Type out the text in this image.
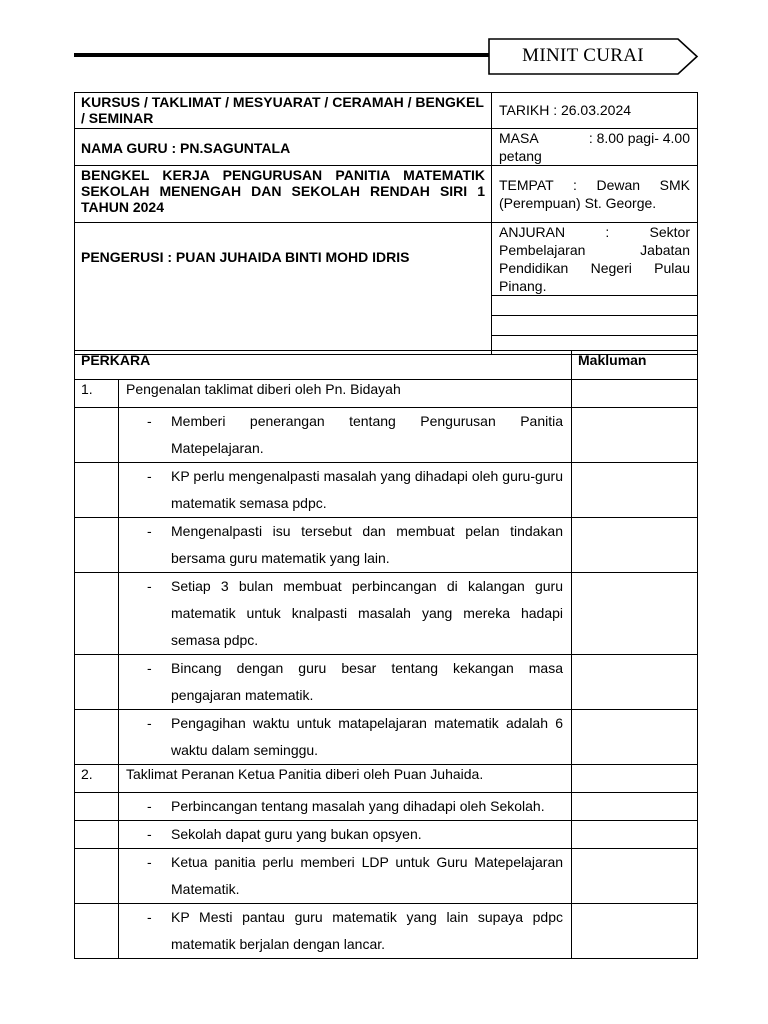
MINIT CURAI
KURSUS / TAKLIMAT / MESYUARAT / CERAMAH / BENGKEL / SEMINAR	TARIKH : 26.03.2024
NAMA GURU : PN.SAGUNTALA	MASA : 8.00 pagi- 4.00
petang

BENGKEL KERJA PENGURUSAN PANITIA MATEMATIK SEKOLAH MENENGAH DAN SEKOLAH RENDAH SIRI 1 TAHUN 2024	TEMPAT : Dewan SMK (Perempuan) St. George.
PENGERUSI : PUAN JUHAIDA BINTI MOHD IDRIS	ANJURAN : Sektor Pembelajaran Jabatan Pendidikan Negeri Pulau Pinang.

PERKARA		Makluman
1.	Pengenalan taklimat diberi oleh Pn. Bidayah	

	- Memberi penerangan tentang Pengurusan Panitia Matepelajaran.	

	- KP perlu mengenalpasti masalah yang dihadapi oleh guru-guru matematik semasa pdpc.	

	- Mengenalpasti isu tersebut dan membuat pelan tindakan bersama guru matematik yang lain.	

	- Setiap 3 bulan membuat perbincangan di kalangan guru matematik untuk knalpasti masalah yang mereka hadapi semasa pdpc.	

	- Bincang dengan guru besar tentang kekangan masa pengajaran matematik.	

	- Pengagihan waktu untuk matapelajaran matematik adalah 6 waktu dalam seminggu.	

2.	Taklimat Peranan Ketua Panitia diberi oleh Puan Juhaida.	

	- Perbincangan tentang masalah yang dihadapi oleh Sekolah.	

	- Sekolah dapat guru yang bukan opsyen.	

	- Ketua panitia perlu memberi LDP untuk Guru Matepelajaran Matematik.	

	- KP Mesti pantau guru matematik yang lain supaya pdpc matematik berjalan dengan lancar.	
